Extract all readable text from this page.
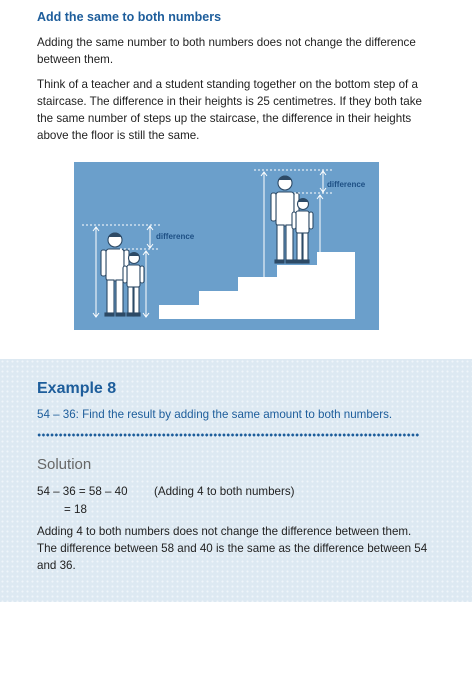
Add the same to both numbers

Adding the same number to both numbers does not change the difference between them.

Think of a teacher and a student standing together on the bottom step of a staircase. The difference in their heights is 25 centimetres. If they both take the same number of steps up the staircase, the difference in their heights above the floor is still the same.

difference
difference
Example 8
54 – 36: Find the result by adding the same amount to both numbers.
Solution
54 – 36 = 58 – 40 (Adding 4 to both numbers)
= 18

Adding 4 to both numbers does not change the difference between them. The difference between 58 and 40 is the same as the difference between 54 and 36.
